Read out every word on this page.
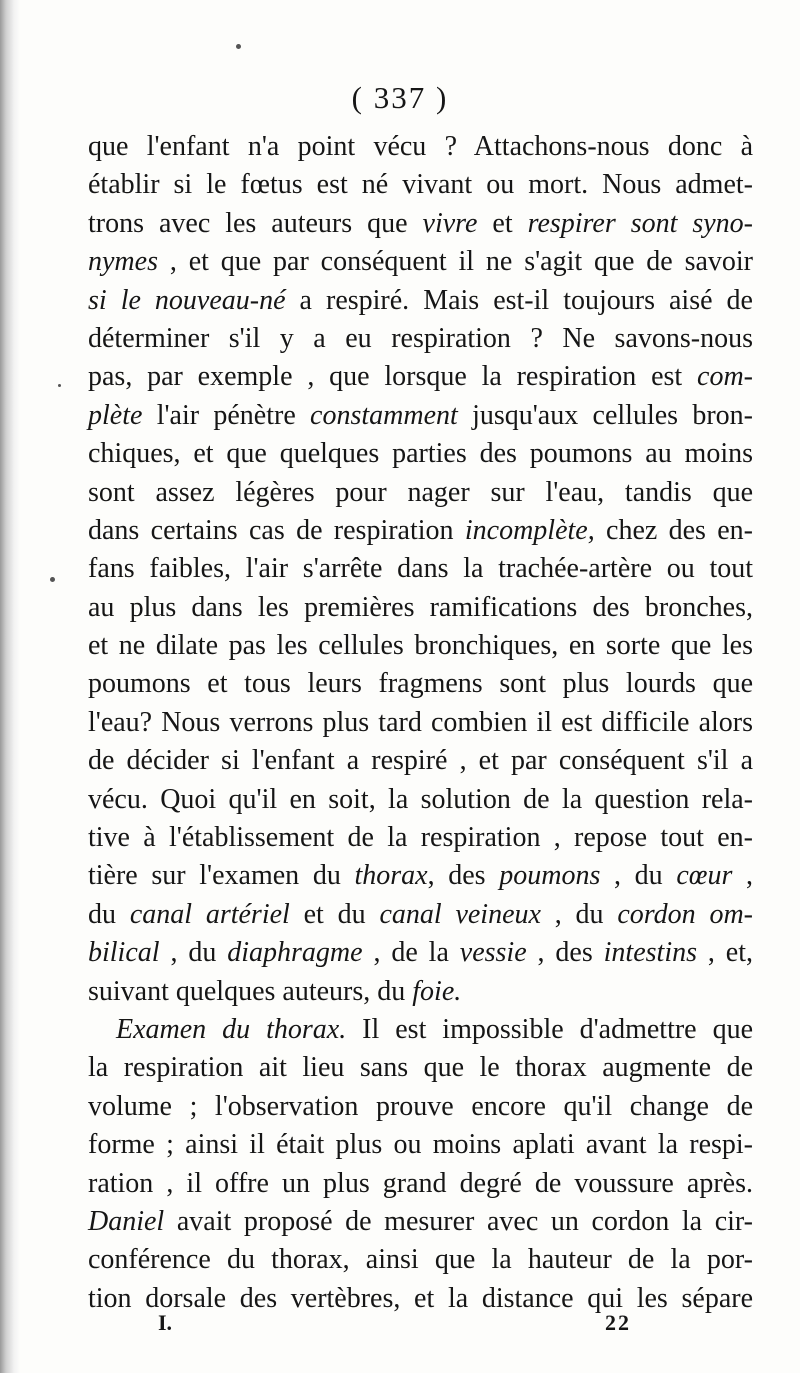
( 337 )
que l'enfant n'a point vécu ? Attachons-nous donc à
établir si le fœtus est né vivant ou mort. Nous admet-
trons avec les auteurs que vivre et respirer sont syno-
nymes , et que par conséquent il ne s'agit que de savoir
si le nouveau-né a respiré. Mais est-il toujours aisé de
déterminer s'il y a eu respiration ? Ne savons-nous
pas, par exemple , que lorsque la respiration est com-
plète l'air pénètre constamment jusqu'aux cellules bron-
chiques, et que quelques parties des poumons au moins
sont assez légères pour nager sur l'eau, tandis que
dans certains cas de respiration incomplète, chez des en-
fans faibles, l'air s'arrête dans la trachée-artère ou tout
au plus dans les premières ramifications des bronches,
et ne dilate pas les cellules bronchiques, en sorte que les
poumons et tous leurs fragmens sont plus lourds que
l'eau? Nous verrons plus tard combien il est difficile alors
de décider si l'enfant a respiré , et par conséquent s'il a
vécu. Quoi qu'il en soit, la solution de la question rela-
tive à l'établissement de la respiration , repose tout en-
tière sur l'examen du thorax, des poumons , du cœur ,
du canal artériel et du canal veineux , du cordon om-
bilical , du diaphragme , de la vessie , des intestins , et,
suivant quelques auteurs, du foie.
Examen du thorax. Il est impossible d'admettre que
la respiration ait lieu sans que le thorax augmente de
volume ; l'observation prouve encore qu'il change de
forme ; ainsi il était plus ou moins aplati avant la respi-
ration , il offre un plus grand degré de voussure après.
Daniel avait proposé de mesurer avec un cordon la cir-
conférence du thorax, ainsi que la hauteur de la por-
tion dorsale des vertèbres, et la distance qui les sépare
I.	22
